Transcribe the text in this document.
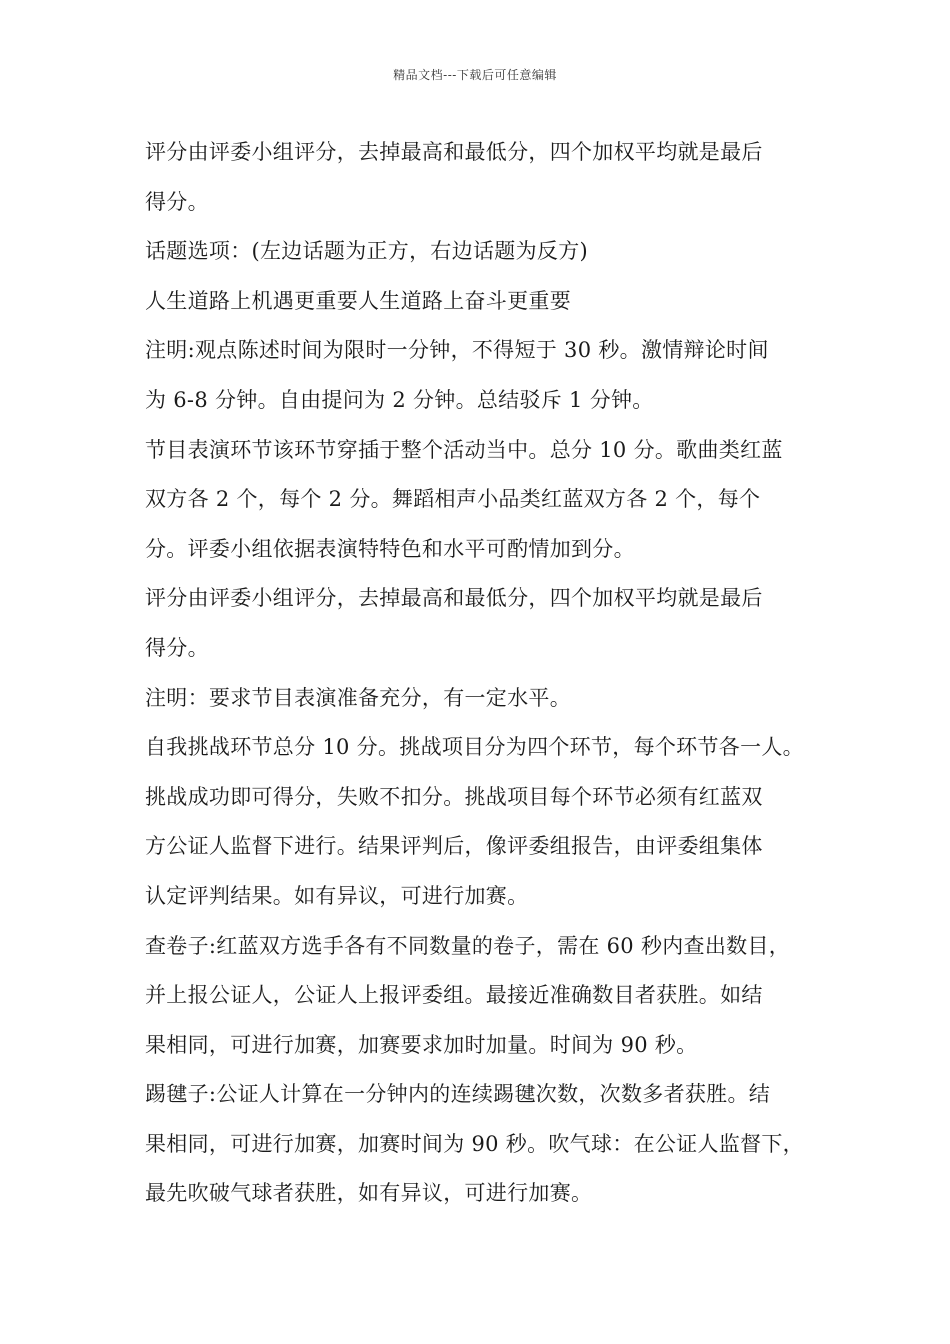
精品文档---下载后可任意编辑
评分由评委小组评分，去掉最高和最低分，四个加权平均就是最后
得分。
话题选项：(左边话题为正方，右边话题为反方)
人生道路上机遇更重要人生道路上奋斗更重要
注明:观点陈述时间为限时一分钟，不得短于 30 秒。激情辩论时间
为 6-8 分钟。自由提问为 2 分钟。总结驳斥 1 分钟。
节目表演环节该环节穿插于整个活动当中。总分 10 分。歌曲类红蓝
双方各 2 个，每个 2 分。舞蹈相声小品类红蓝双方各 2 个，每个
分。评委小组依据表演特特色和水平可酌情加到分。
评分由评委小组评分，去掉最高和最低分，四个加权平均就是最后
得分。
注明：要求节目表演准备充分，有一定水平。
自我挑战环节总分 10 分。挑战项目分为四个环节，每个环节各一人。
挑战成功即可得分，失败不扣分。挑战项目每个环节必须有红蓝双
方公证人监督下进行。结果评判后，像评委组报告，由评委组集体
认定评判结果。如有异议，可进行加赛。
查卷子:红蓝双方选手各有不同数量的卷子，需在 60 秒内查出数目，
并上报公证人，公证人上报评委组。最接近准确数目者获胜。如结
果相同，可进行加赛，加赛要求加时加量。时间为 90 秒。
踢毽子:公证人计算在一分钟内的连续踢毽次数，次数多者获胜。结
果相同，可进行加赛，加赛时间为 90 秒。吹气球：在公证人监督下，
最先吹破气球者获胜，如有异议，可进行加赛。
